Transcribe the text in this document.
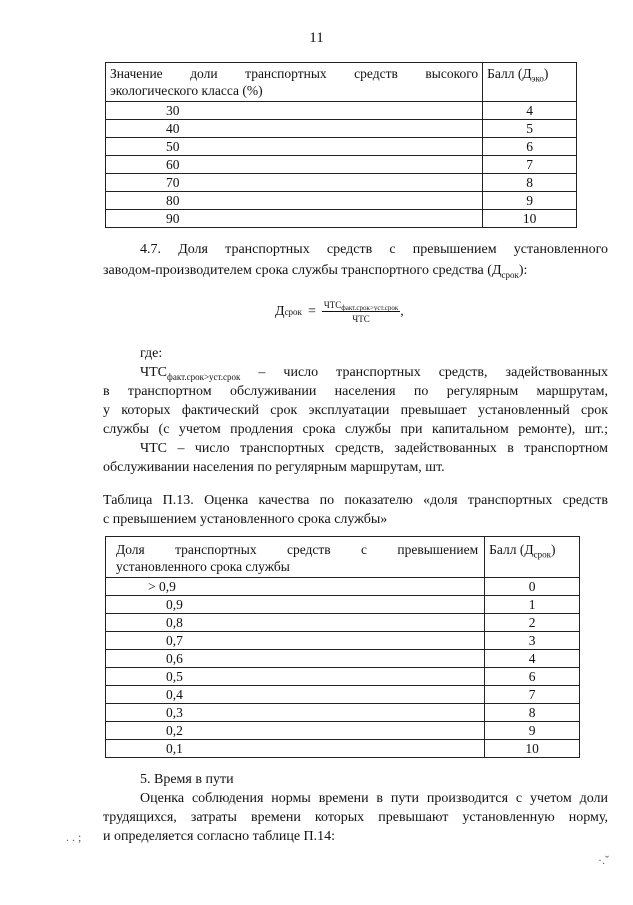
11
Значение доли транспортных средств высокого
экологического класса (%)	Балл $(Д_{эко})$
30	4
40	5
50	6
60	7
70	8
80	9
90	10
4.7. Доля транспортных средств с превышением установленного
заводом-производителем срока службы транспортного средства $(Д_{срок})$:
Д срок = $\frac{ЧТС_{факт.срок>уст.срок}}{\text{ЧТС}}$ ,
где:
$ЧТС_{факт.срок>уст.срок}$ – число транспортных средств, задействованных
в транспортном обслуживании населения по регулярным маршрутам,
у которых фактический срок эксплуатации превышает установленный срок
службы (с учетом продления срока службы при капитальном ремонте), шт.;
ЧТС – число транспортных средств, задействованных в транспортном
обслуживании населения по регулярным маршрутам, шт.
Таблица П.13. Оценка качества по показателю «доля транспортных средств
с превышением установленного срока службы»
Доля транспортных средств с превышением
установленного срока службы	Балл $(Д_{срок})$
> 0,9	0
0,9	1
0,8	2
0,7	3
0,6	4
0,5	6
0,4	7
0,3	8
0,2	9
0,1	10
5. Время в пути
Оценка соблюдения нормы времени в пути производится с учетом доли
трудящихся, затраты времени которых превышают установленную норму,
и определяется согласно таблице П.14:
. . ;
·.ˇ
